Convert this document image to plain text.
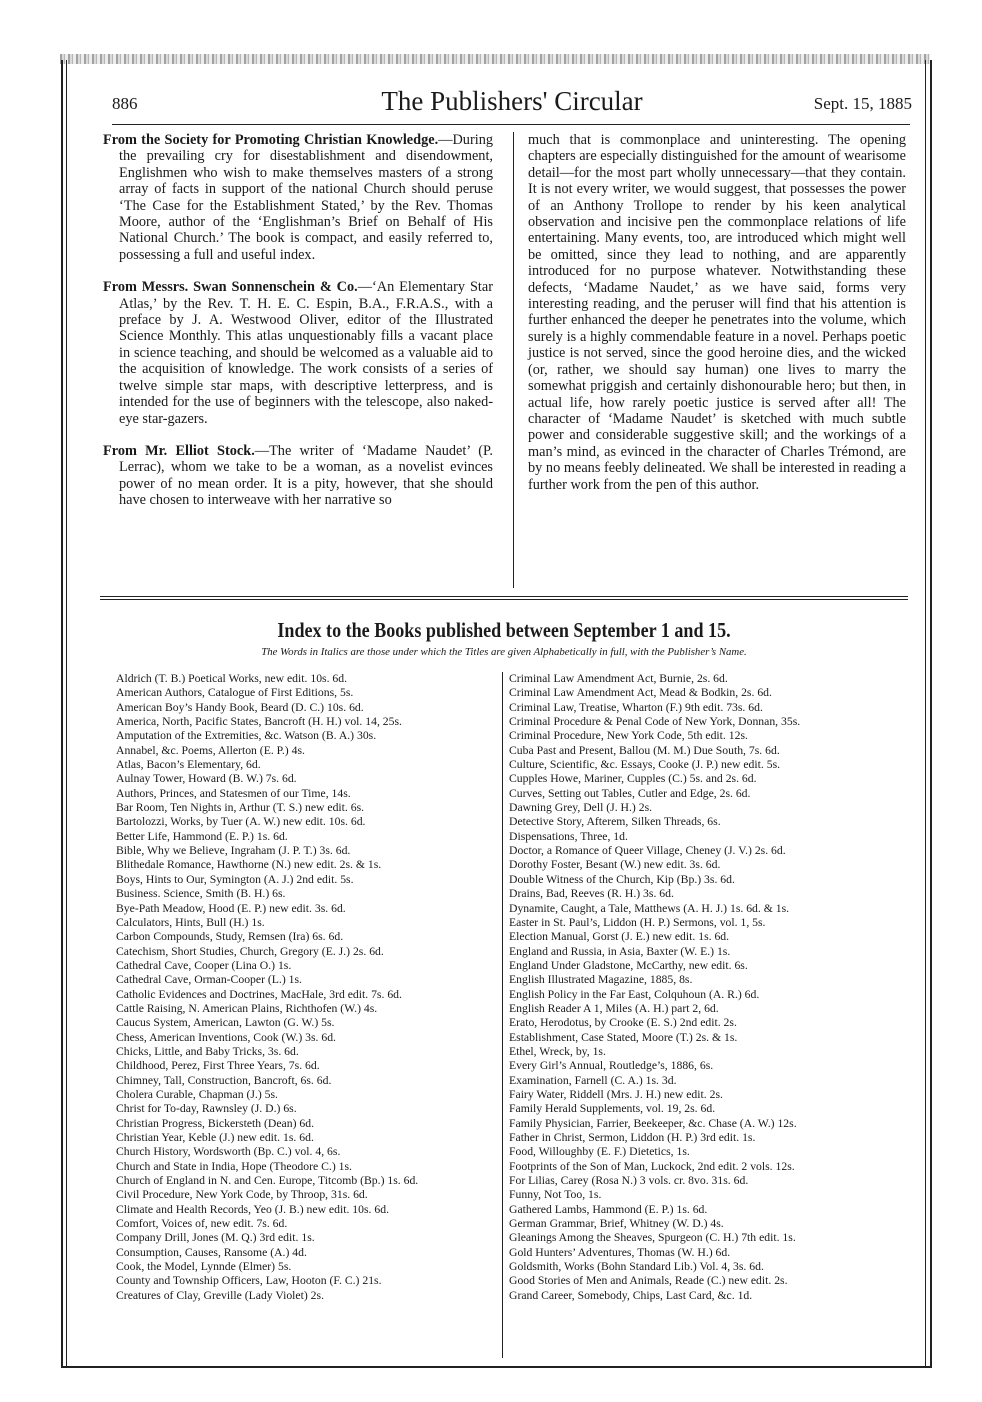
The Publishers' Circular
886	Sept. 15, 1885

From the Society for Promoting Christian Knowledge.—During the prevailing cry for disestablishment and disendowment, Englishmen who wish to make themselves masters of a strong array of facts in support of the national Church should peruse ‘The Case for the Establishment Stated,’ by the Rev. Thomas Moore, author of the ‘Englishman’s Brief on Behalf of His National Church.’ The book is compact, and easily referred to, possessing a full and useful index.

From Messrs. Swan Sonnenschein & Co.—‘An Elementary Star Atlas,’ by the Rev. T. H. E. C. Espin, B.A., F.R.A.S., with a preface by J. A. Westwood Oliver, editor of the Illustrated Science Monthly. This atlas unquestionably fills a vacant place in science teaching, and should be welcomed as a valuable aid to the acquisition of knowledge. The work consists of a series of twelve simple star maps, with descriptive letterpress, and is intended for the use of beginners with the telescope, also naked-eye star-gazers.

From Mr. Elliot Stock.—The writer of ‘Madame Naudet’ (P. Lerrac), whom we take to be a woman, as a novelist evinces power of no mean order. It is a pity, however, that she should have chosen to interweave with her narrative so

much that is commonplace and uninteresting. The opening chapters are especially distinguished for the amount of wearisome detail—for the most part wholly unnecessary—that they contain. It is not every writer, we would suggest, that possesses the power of an Anthony Trollope to render by his keen analytical observation and incisive pen the commonplace relations of life entertaining. Many events, too, are introduced which might well be omitted, since they lead to nothing, and are apparently introduced for no purpose whatever. Notwithstanding these defects, ‘Madame Naudet,’ as we have said, forms very interesting reading, and the peruser will find that his attention is further enhanced the deeper he penetrates into the volume, which surely is a highly commendable feature in a novel. Perhaps poetic justice is not served, since the good heroine dies, and the wicked (or, rather, we should say human) one lives to marry the somewhat priggish and certainly dishonourable hero; but then, in actual life, how rarely poetic justice is served after all! The character of ‘Madame Naudet’ is sketched with much subtle power and considerable suggestive skill; and the workings of a man’s mind, as evinced in the character of Charles Trémond, are by no means feebly delineated. We shall be interested in reading a further work from the pen of this author.

Index to the Books published between September 1 and 15.
The Words in Italics are those under which the Titles are given Alphabetically in full, with the Publisher’s Name.
Aldrich (T. B.) Poetical Works, new edit. 10s. 6d.
American Authors, Catalogue of First Editions, 5s.
American Boy’s Handy Book, Beard (D. C.) 10s. 6d.
America, North, Pacific States, Bancroft (H. H.) vol. 14, 25s.
Amputation of the Extremities, &c. Watson (B. A.) 30s.
Annabel, &c. Poems, Allerton (E. P.) 4s.
Atlas, Bacon’s Elementary, 6d.
Aulnay Tower, Howard (B. W.) 7s. 6d.
Authors, Princes, and Statesmen of our Time, 14s.
Bar Room, Ten Nights in, Arthur (T. S.) new edit. 6s.
Bartolozzi, Works, by Tuer (A. W.) new edit. 10s. 6d.
Better Life, Hammond (E. P.) 1s. 6d.
Bible, Why we Believe, Ingraham (J. P. T.) 3s. 6d.
Blithedale Romance, Hawthorne (N.) new edit. 2s. & 1s.
Boys, Hints to Our, Symington (A. J.) 2nd edit. 5s.
Business. Science, Smith (B. H.) 6s.
Bye-Path Meadow, Hood (E. P.) new edit. 3s. 6d.
Calculators, Hints, Bull (H.) 1s.
Carbon Compounds, Study, Remsen (Ira) 6s. 6d.
Catechism, Short Studies, Church, Gregory (E. J.) 2s. 6d.
Cathedral Cave, Cooper (Lina O.) 1s.
Cathedral Cave, Orman-Cooper (L.) 1s.
Catholic Evidences and Doctrines, MacHale, 3rd edit. 7s. 6d.
Cattle Raising, N. American Plains, Richthofen (W.) 4s.
Caucus System, American, Lawton (G. W.) 5s.
Chess, American Inventions, Cook (W.) 3s. 6d.
Chicks, Little, and Baby Tricks, 3s. 6d.
Childhood, Perez, First Three Years, 7s. 6d.
Chimney, Tall, Construction, Bancroft, 6s. 6d.
Cholera Curable, Chapman (J.) 5s.
Christ for To-day, Rawnsley (J. D.) 6s.
Christian Progress, Bickersteth (Dean) 6d.
Christian Year, Keble (J.) new edit. 1s. 6d.
Church History, Wordsworth (Bp. C.) vol. 4, 6s.
Church and State in India, Hope (Theodore C.) 1s.
Church of England in N. and Cen. Europe, Titcomb (Bp.) 1s. 6d.
Civil Procedure, New York Code, by Throop, 31s. 6d.
Climate and Health Records, Yeo (J. B.) new edit. 10s. 6d.
Comfort, Voices of, new edit. 7s. 6d.
Company Drill, Jones (M. Q.) 3rd edit. 1s.
Consumption, Causes, Ransome (A.) 4d.
Cook, the Model, Lynnde (Elmer) 5s.
County and Township Officers, Law, Hooton (F. C.) 21s.
Creatures of Clay, Greville (Lady Violet) 2s.
Criminal Law Amendment Act, Burnie, 2s. 6d.
Criminal Law Amendment Act, Mead & Bodkin, 2s. 6d.
Criminal Law, Treatise, Wharton (F.) 9th edit. 73s. 6d.
Criminal Procedure & Penal Code of New York, Donnan, 35s.
Criminal Procedure, New York Code, 5th edit. 12s.
Cuba Past and Present, Ballou (M. M.) Due South, 7s. 6d.
Culture, Scientific, &c. Essays, Cooke (J. P.) new edit. 5s.
Cupples Howe, Mariner, Cupples (C.) 5s. and 2s. 6d.
Curves, Setting out Tables, Cutler and Edge, 2s. 6d.
Dawning Grey, Dell (J. H.) 2s.
Detective Story, Afterem, Silken Threads, 6s.
Dispensations, Three, 1d.
Doctor, a Romance of Queer Village, Cheney (J. V.) 2s. 6d.
Dorothy Foster, Besant (W.) new edit. 3s. 6d.
Double Witness of the Church, Kip (Bp.) 3s. 6d.
Drains, Bad, Reeves (R. H.) 3s. 6d.
Dynamite, Caught, a Tale, Matthews (A. H. J.) 1s. 6d. & 1s.
Easter in St. Paul’s, Liddon (H. P.) Sermons, vol. 1, 5s.
Election Manual, Gorst (J. E.) new edit. 1s. 6d.
England and Russia, in Asia, Baxter (W. E.) 1s.
England Under Gladstone, McCarthy, new edit. 6s.
English Illustrated Magazine, 1885, 8s.
English Policy in the Far East, Colquhoun (A. R.) 6d.
English Reader A 1, Miles (A. H.) part 2, 6d.
Erato, Herodotus, by Crooke (E. S.) 2nd edit. 2s.
Establishment, Case Stated, Moore (T.) 2s. & 1s.
Ethel, Wreck, by, 1s.
Every Girl’s Annual, Routledge’s, 1886, 6s.
Examination, Farnell (C. A.) 1s. 3d.
Fairy Water, Riddell (Mrs. J. H.) new edit. 2s.
Family Herald Supplements, vol. 19, 2s. 6d.
Family Physician, Farrier, Beekeeper, &c. Chase (A. W.) 12s.
Father in Christ, Sermon, Liddon (H. P.) 3rd edit. 1s.
Food, Willoughby (E. F.) Dietetics, 1s.
Footprints of the Son of Man, Luckock, 2nd edit. 2 vols. 12s.
For Lilias, Carey (Rosa N.) 3 vols. cr. 8vo. 31s. 6d.
Funny, Not Too, 1s.
Gathered Lambs, Hammond (E. P.) 1s. 6d.
German Grammar, Brief, Whitney (W. D.) 4s.
Gleanings Among the Sheaves, Spurgeon (C. H.) 7th edit. 1s.
Gold Hunters’ Adventures, Thomas (W. H.) 6d.
Goldsmith, Works (Bohn Standard Lib.) Vol. 4, 3s. 6d.
Good Stories of Men and Animals, Reade (C.) new edit. 2s.
Grand Career, Somebody, Chips, Last Card, &c. 1d.
